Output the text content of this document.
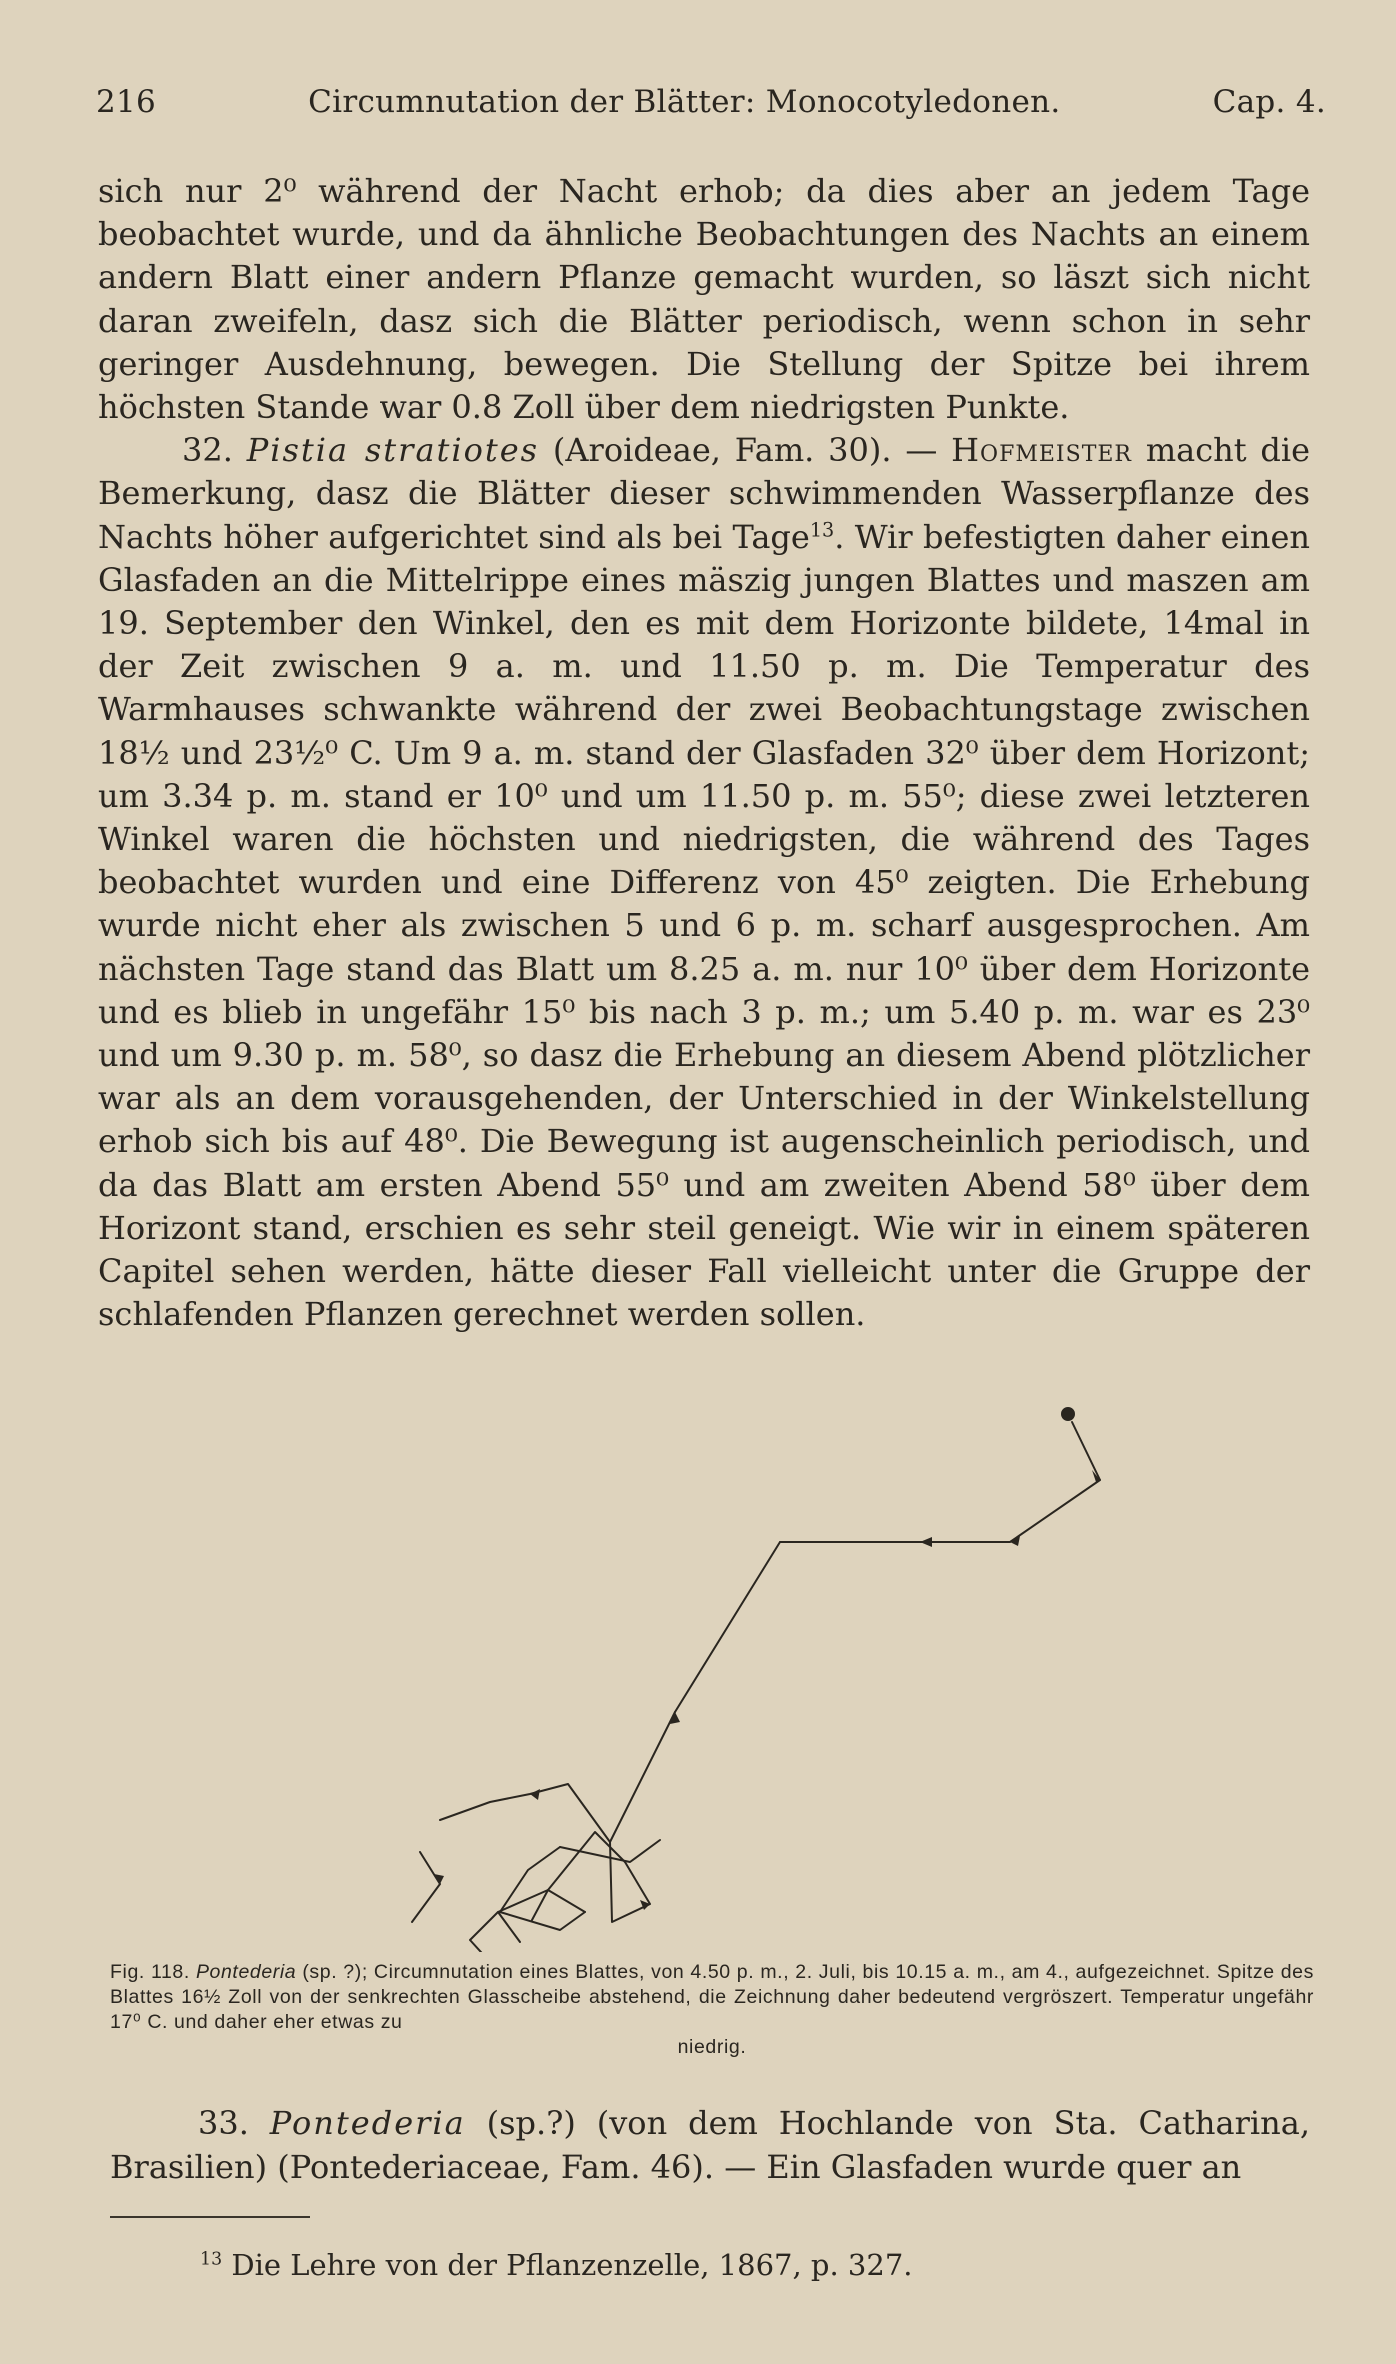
216	Circumnutation der Blätter: Monocotyledonen.	Cap. 4.

sich nur 2⁰ während der Nacht erhob; da dies aber an jedem Tage beobachtet wurde, und da ähnliche Beobachtungen des Nachts an einem andern Blatt einer andern Pflanze gemacht wurden, so läszt sich nicht daran zweifeln, dasz sich die Blätter periodisch, wenn schon in sehr geringer Ausdehnung, bewegen. Die Stellung der Spitze bei ihrem höchsten Stande war 0.8 Zoll über dem niedrigsten Punkte.

32. Pistia stratiotes (Aroideae, Fam. 30). — Hofmeister macht die Bemerkung, dasz die Blätter dieser schwimmenden Wasserpflanze des Nachts höher aufgerichtet sind als bei Tage$^{13}$. Wir befestigten daher einen Glasfaden an die Mittelrippe eines mäszig jungen Blattes und maszen am 19. September den Winkel, den es mit dem Horizonte bildete, 14mal in der Zeit zwischen 9 a. m. und 11.50 p. m. Die Temperatur des Warmhauses schwankte während der zwei Beobachtungstage zwischen 18½ und 23½⁰ C. Um 9 a. m. stand der Glasfaden 32⁰ über dem Horizont; um 3.34 p. m. stand er 10⁰ und um 11.50 p. m. 55⁰; diese zwei letzteren Winkel waren die höchsten und niedrigsten, die während des Tages beobachtet wurden und eine Differenz von 45⁰ zeigten. Die Erhebung wurde nicht eher als zwischen 5 und 6 p. m. scharf ausgesprochen. Am nächsten Tage stand das Blatt um 8.25 a. m. nur 10⁰ über dem Horizonte und es blieb in ungefähr 15⁰ bis nach 3 p. m.; um 5.40 p. m. war es 23⁰ und um 9.30 p. m. 58⁰, so dasz die Erhebung an diesem Abend plötzlicher war als an dem vorausgehenden, der Unterschied in der Winkelstellung erhob sich bis auf 48⁰. Die Bewegung ist augenscheinlich periodisch, und da das Blatt am ersten Abend 55⁰ und am zweiten Abend 58⁰ über dem Horizont stand, erschien es sehr steil geneigt. Wie wir in einem späteren Capitel sehen werden, hätte dieser Fall vielleicht unter die Gruppe der schlafenden Pflanzen gerechnet werden sollen.

Fig. 118. Pontederia (sp. ?); Circumnutation eines Blattes, von 4.50 p. m., 2. Juli, bis 10.15 a. m., am 4., aufgezeichnet. Spitze des Blattes 16½ Zoll von der senkrechten Glasscheibe abstehend, die Zeichnung daher bedeutend vergröszert. Temperatur ungefähr 17⁰ C. und daher eher etwas zu
niedrig.

33. Pontederia (sp.?) (von dem Hochlande von Sta. Catharina, Brasilien) (Pontederiaceae, Fam. 46). — Ein Glasfaden wurde quer an

$^{13}$ Die Lehre von der Pflanzenzelle, 1867, p. 327.
